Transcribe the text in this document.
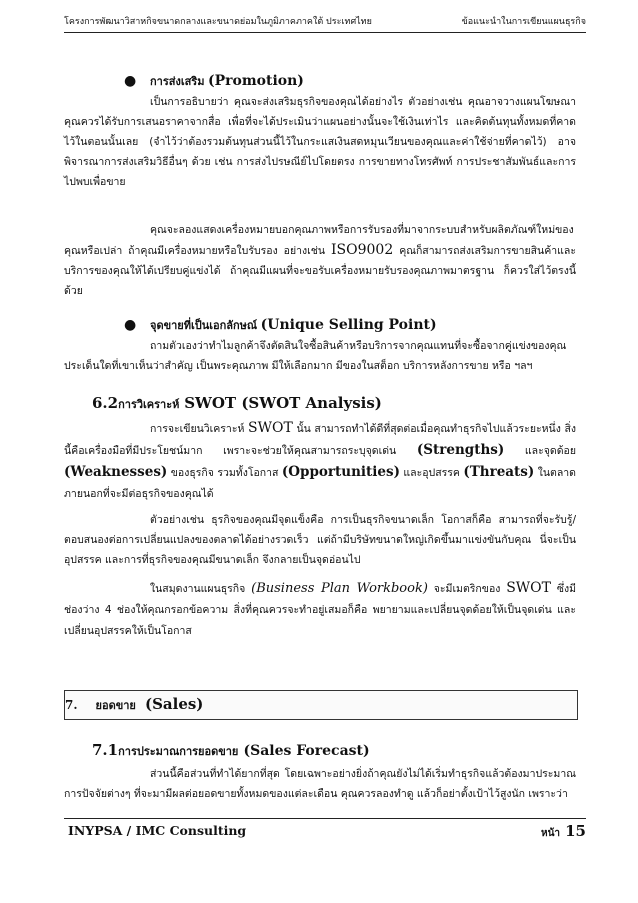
โครงการพัฒนาวิสาหกิจขนาดกลางและขนาดย่อมในภูมิภาคภาคใต้ ประเทศไทย	ข้อแนะนำในการเขียนแผนธุรกิจ
● การส่งเสริม (Promotion)

เป็นการอธิบายว่า คุณจะส่งเสริมธุรกิจของคุณได้อย่างไร ตัวอย่างเช่น คุณอาจวางแผนโฆษณา คุณควรได้รับการเสนอราคาจากสื่อ เพื่อที่จะได้ประเมินว่าแผนอย่างนั้นจะใช้เงินเท่าไร และคิดต้นทุนทั้งหมดที่คาดไว้ในตอนนั้นเลย (จำไว้ว่าต้องรวมต้นทุนส่วนนี้ไว้ในกระแสเงินสดหมุนเวียนของคุณและค่าใช้จ่ายที่คาดไว้) อาจพิจารณาการส่งเสริมวิธีอื่นๆ ด้วย เช่น การส่งไปรษณีย์ไปโดยตรง การขายทางโทรศัพท์ การประชาสัมพันธ์และการไปพบเพื่อขาย

คุณจะลองแสดงเครื่องหมายบอกคุณภาพหรือการรับรองที่มาจากระบบสำหรับผลิตภัณฑ์ใหม่ของคุณหรือเปล่า ถ้าคุณมีเครื่องหมายหรือใบรับรอง อย่างเช่น ISO9002 คุณก็สามารถส่งเสริมการขายสินค้าและบริการของคุณให้ได้เปรียบคู่แข่งได้ ถ้าคุณมีแผนที่จะขอรับเครื่องหมายรับรองคุณภาพมาตรฐาน ก็ควรใส่ไว้ตรงนี้ด้วย

● จุดขายที่เป็นเอกลักษณ์ (Unique Selling Point)

ถามตัวเองว่าทำไมลูกค้าจึงตัดสินใจซื้อสินค้าหรือบริการจากคุณแทนที่จะซื้อจากคู่แข่งของคุณ ประเด็นใดที่เขาเห็นว่าสำคัญ เป็นพระคุณภาพ มีให้เลือกมาก มีของในสต็อก บริการหลังการขาย หรือ ฯลฯ

6.2การวิเคราะห์ SWOT (SWOT Analysis)

การจะเขียนวิเคราะห์ SWOT นั้น สามารถทำได้ดีที่สุดต่อเมื่อคุณทำธุรกิจไปแล้วระยะหนึ่ง สิ่งนี้คือเครื่องมือที่มีประโยชน์มาก เพราะจะช่วยให้คุณสามารถระบุจุดเด่น (Strengths) และจุดด้อย (Weaknesses) ของธุรกิจ รวมทั้งโอกาส (Opportunities) และอุปสรรค (Threats) ในตลาดภายนอกที่จะมีต่อธุรกิจของคุณได้

ตัวอย่างเช่น ธุรกิจของคุณมีจุดแข็งคือ การเป็นธุรกิจขนาดเล็ก โอกาสก็คือ สามารถที่จะรับรู้/ตอบสนองต่อการเปลี่ยนแปลงของตลาดได้อย่างรวดเร็ว แต่ถ้ามีบริษัทขนาดใหญ่เกิดขึ้นมาแข่งขันกับคุณ นี่จะเป็นอุปสรรค และการที่ธุรกิจของคุณมีขนาดเล็ก จึงกลายเป็นจุดอ่อนไป

ในสมุดงานแผนธุรกิจ (Business Plan Workbook) จะมีเมตริกของ SWOT ซึ่งมีช่องว่าง 4 ช่องให้คุณกรอกข้อความ สิ่งที่คุณควรจะทำอยู่เสมอก็คือ พยายามและเปลี่ยนจุดด้อยให้เป็นจุดเด่น และเปลี่ยนอุปสรรคให้เป็นโอกาส

7. ยอดขาย (Sales)
7.1การประมาณการยอดขาย (Sales Forecast)

ส่วนนี้คือส่วนที่ทำได้ยากที่สุด โดยเฉพาะอย่างยิ่งถ้าคุณยังไม่ได้เริ่มทำธุรกิจแล้วต้องมาประมาณการปัจจัยต่างๆ ที่จะมามีผลต่อยอดขายทั้งหมดของแต่ละเดือน คุณควรลองทำดู แล้วก็อย่าตั้งเป้าไว้สูงนัก เพราะว่า

INYPSA / IMC Consulting	หน้า 15
